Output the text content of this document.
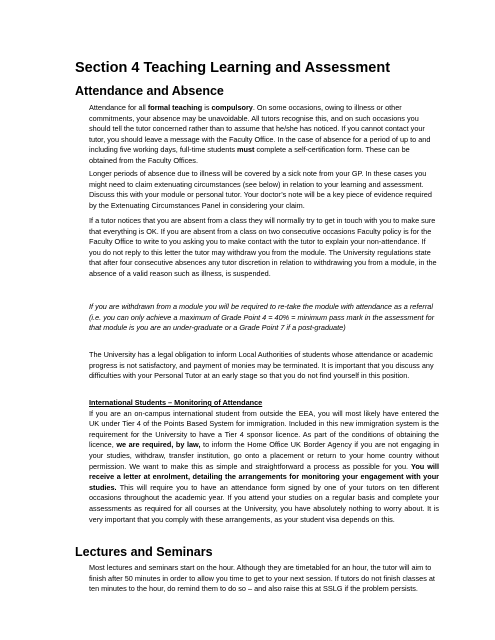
Section 4 Teaching Learning and Assessment
Attendance and Absence

Attendance for all formal teaching is compulsory. On some occasions, owing to illness or other commitments, your absence may be unavoidable. All tutors recognise this, and on such occasions you should tell the tutor concerned rather than to assume that he/she has noticed. If you cannot contact your tutor, you should leave a message with the Faculty Office. In the case of absence for a period of up to and including five working days, full-time students must complete a self-certification form. These can be obtained from the Faculty Offices.

Longer periods of absence due to illness will be covered by a sick note from your GP. In these cases you might need to claim extenuating circumstances (see below) in relation to your learning and assessment. Discuss this with your module or personal tutor. Your doctor’s note will be a key piece of evidence required by the Extenuating Circumstances Panel in considering your claim.

If a tutor notices that you are absent from a class they will normally try to get in touch with you to make sure that everything is OK. If you are absent from a class on two consecutive occasions Faculty policy is for the Faculty Office to write to you asking you to make contact with the tutor to explain your non-attendance. If you do not reply to this letter the tutor may withdraw you from the module. The University regulations state that after four consecutive absences any tutor discretion in relation to withdrawing you from a module, in the absence of a valid reason such as illness, is suspended.

If you are withdrawn from a module you will be required to re-take the module with attendance as a referral (i.e. you can only achieve a maximum of Grade Point 4 = 40% = minimum pass mark in the assessment for that module is you are an under-graduate or a Grade Point 7 if a post-graduate)

The University has a legal obligation to inform Local Authorities of students whose attendance or academic progress is not satisfactory, and payment of monies may be terminated. It is important that you discuss any difficulties with your Personal Tutor at an early stage so that you do not find yourself in this position.

International Students – Monitoring of Attendance
If you are an on-campus international student from outside the EEA, you will most likely have entered the UK under Tier 4 of the Points Based System for immigration. Included in this new immigration system is the requirement for the University to have a Tier 4 sponsor licence. As part of the conditions of obtaining the licence, we are required, by law, to inform the Home Office UK Border Agency if you are not engaging in your studies, withdraw, transfer institution, go onto a placement or return to your home country without permission. We want to make this as simple and straightforward a process as possible for you. You will receive a letter at enrolment, detailing the arrangements for monitoring your engagement with your studies. This will require you to have an attendance form signed by one of your tutors on ten different occasions throughout the academic year. If you attend your studies on a regular basis and complete your assessments as required for all courses at the University, you have absolutely nothing to worry about. It is very important that you comply with these arrangements, as your student visa depends on this.

Lectures and Seminars

Most lectures and seminars start on the hour. Although they are timetabled for an hour, the tutor will aim to finish after 50 minutes in order to allow you time to get to your next session. If tutors do not finish classes at ten minutes to the hour, do remind them to do so – and also raise this at SSLG if the problem persists.
